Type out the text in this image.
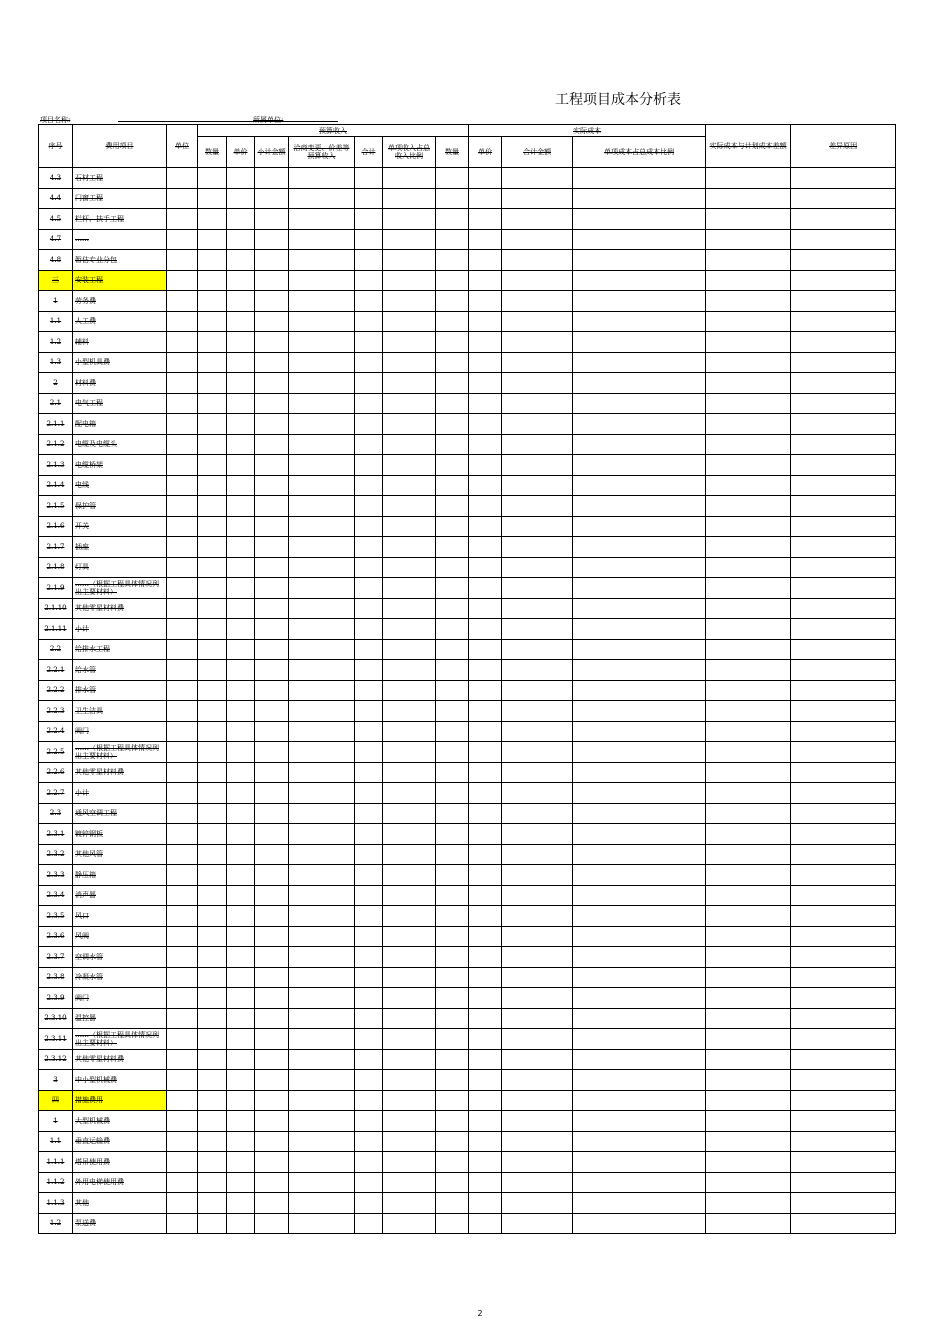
工程项目成本分析表
项目名称:	所属单位:
序号	费用项目	单位	预算收入							实际成本			实际成本与计划成本差额	差异原因
			数量	单价	小计金额	洽商变更、价差等预算收入	合计	单项收入占总收入比例	数量	单价	合计金额	单项成本占总成本比例		
4.3	石材工程													
4.4	门窗工程													
4.5	栏杆、扶手工程													
4.7	……													
4.8	暂估专业分包													
三	安装工程													
1	劳务费													
1.1	人工费													
1.2	辅料													
1.3	小型机具费													
2	材料费													
2.1	电气工程													
2.1.1	配电箱													
2.1.2	电缆及电缆头													
2.1.3	电缆桥架													
2.1.4	电线													
2.1.5	保护管													
2.1.6	开关													
2.1.7	插座													
2.1.8	灯具													
2.1.9	……（根据工程具体情况列出主要材料）													
2.1.10	其他零星材料费													
2.1.11	小计													
2.2	给排水工程													
2.2.1	给水管													
2.2.2	排水管													
2.2.3	卫生洁具													
2.2.4	阀门													
2.2.5	……（根据工程具体情况列出主要材料）													
2.2.6	其他零星材料费													
2.2.7	小计													
2.3	通风空调工程													
2.3.1	镀锌钢板													
2.3.2	其他风管													
2.3.3	静压箱													
2.3.4	消声器													
2.3.5	风口													
2.3.6	风阀													
2.3.7	空调水管													
2.3.8	冷凝水管													
2.3.9	阀门													
2.3.10	温控器													
2.3.11	……（根据工程具体情况列出主要材料）													
2.3.12	其他零星材料费													
3	中小型机械费													
四	措施费用													
1	大型机械费													
1.1	垂直运输费													
1.1.1	塔吊使用费													
1.1.2	外用电梯使用费													
1.1.3	其他													
1.2	泵送费													
2
